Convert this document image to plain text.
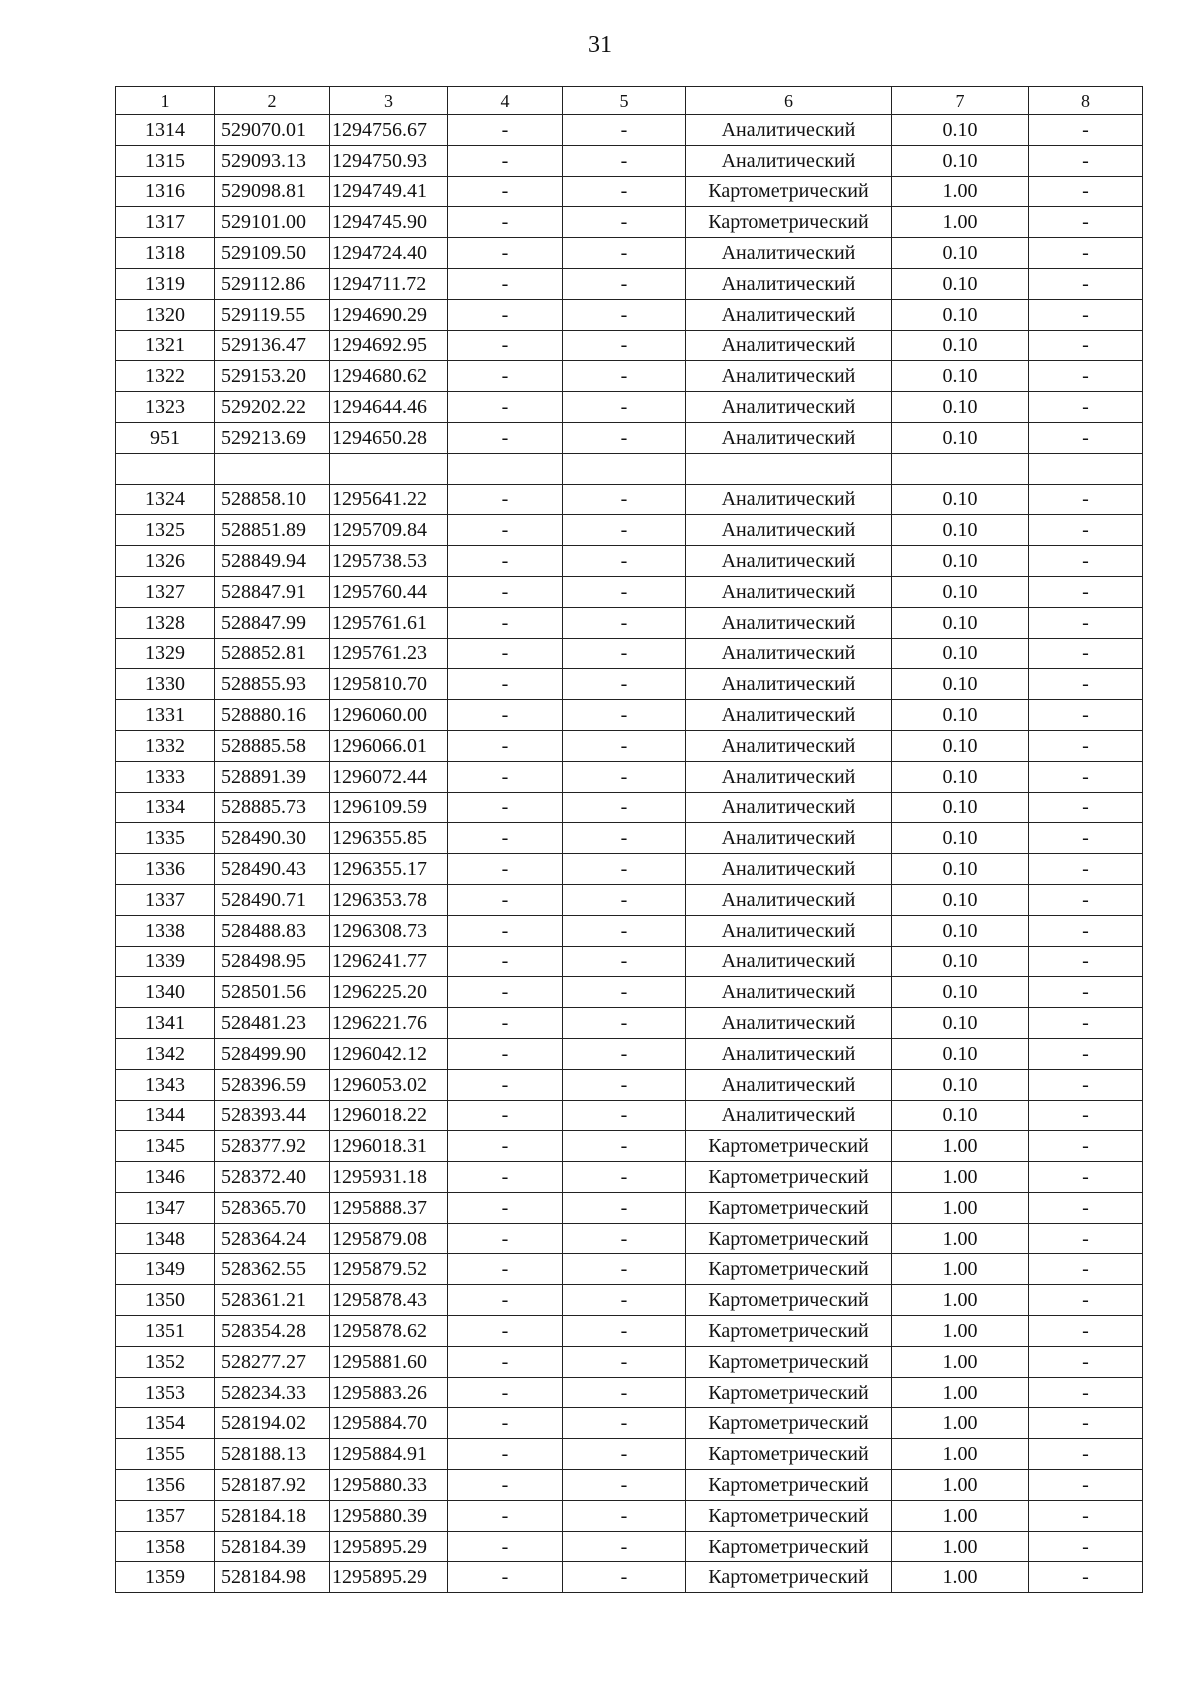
31
1	2	3	4	5	6	7	8
1314	529070.01	1294756.67	-	-	Аналитический	0.10	-
1315	529093.13	1294750.93	-	-	Аналитический	0.10	-
1316	529098.81	1294749.41	-	-	Картометрический	1.00	-
1317	529101.00	1294745.90	-	-	Картометрический	1.00	-
1318	529109.50	1294724.40	-	-	Аналитический	0.10	-
1319	529112.86	1294711.72	-	-	Аналитический	0.10	-
1320	529119.55	1294690.29	-	-	Аналитический	0.10	-
1321	529136.47	1294692.95	-	-	Аналитический	0.10	-
1322	529153.20	1294680.62	-	-	Аналитический	0.10	-
1323	529202.22	1294644.46	-	-	Аналитический	0.10	-
951	529213.69	1294650.28	-	-	Аналитический	0.10	-

1324	528858.10	1295641.22	-	-	Аналитический	0.10	-
1325	528851.89	1295709.84	-	-	Аналитический	0.10	-
1326	528849.94	1295738.53	-	-	Аналитический	0.10	-
1327	528847.91	1295760.44	-	-	Аналитический	0.10	-
1328	528847.99	1295761.61	-	-	Аналитический	0.10	-
1329	528852.81	1295761.23	-	-	Аналитический	0.10	-
1330	528855.93	1295810.70	-	-	Аналитический	0.10	-
1331	528880.16	1296060.00	-	-	Аналитический	0.10	-
1332	528885.58	1296066.01	-	-	Аналитический	0.10	-
1333	528891.39	1296072.44	-	-	Аналитический	0.10	-
1334	528885.73	1296109.59	-	-	Аналитический	0.10	-
1335	528490.30	1296355.85	-	-	Аналитический	0.10	-
1336	528490.43	1296355.17	-	-	Аналитический	0.10	-
1337	528490.71	1296353.78	-	-	Аналитический	0.10	-
1338	528488.83	1296308.73	-	-	Аналитический	0.10	-
1339	528498.95	1296241.77	-	-	Аналитический	0.10	-
1340	528501.56	1296225.20	-	-	Аналитический	0.10	-
1341	528481.23	1296221.76	-	-	Аналитический	0.10	-
1342	528499.90	1296042.12	-	-	Аналитический	0.10	-
1343	528396.59	1296053.02	-	-	Аналитический	0.10	-
1344	528393.44	1296018.22	-	-	Аналитический	0.10	-
1345	528377.92	1296018.31	-	-	Картометрический	1.00	-
1346	528372.40	1295931.18	-	-	Картометрический	1.00	-
1347	528365.70	1295888.37	-	-	Картометрический	1.00	-
1348	528364.24	1295879.08	-	-	Картометрический	1.00	-
1349	528362.55	1295879.52	-	-	Картометрический	1.00	-
1350	528361.21	1295878.43	-	-	Картометрический	1.00	-
1351	528354.28	1295878.62	-	-	Картометрический	1.00	-
1352	528277.27	1295881.60	-	-	Картометрический	1.00	-
1353	528234.33	1295883.26	-	-	Картометрический	1.00	-
1354	528194.02	1295884.70	-	-	Картометрический	1.00	-
1355	528188.13	1295884.91	-	-	Картометрический	1.00	-
1356	528187.92	1295880.33	-	-	Картометрический	1.00	-
1357	528184.18	1295880.39	-	-	Картометрический	1.00	-
1358	528184.39	1295895.29	-	-	Картометрический	1.00	-
1359	528184.98	1295895.29	-	-	Картометрический	1.00	-
